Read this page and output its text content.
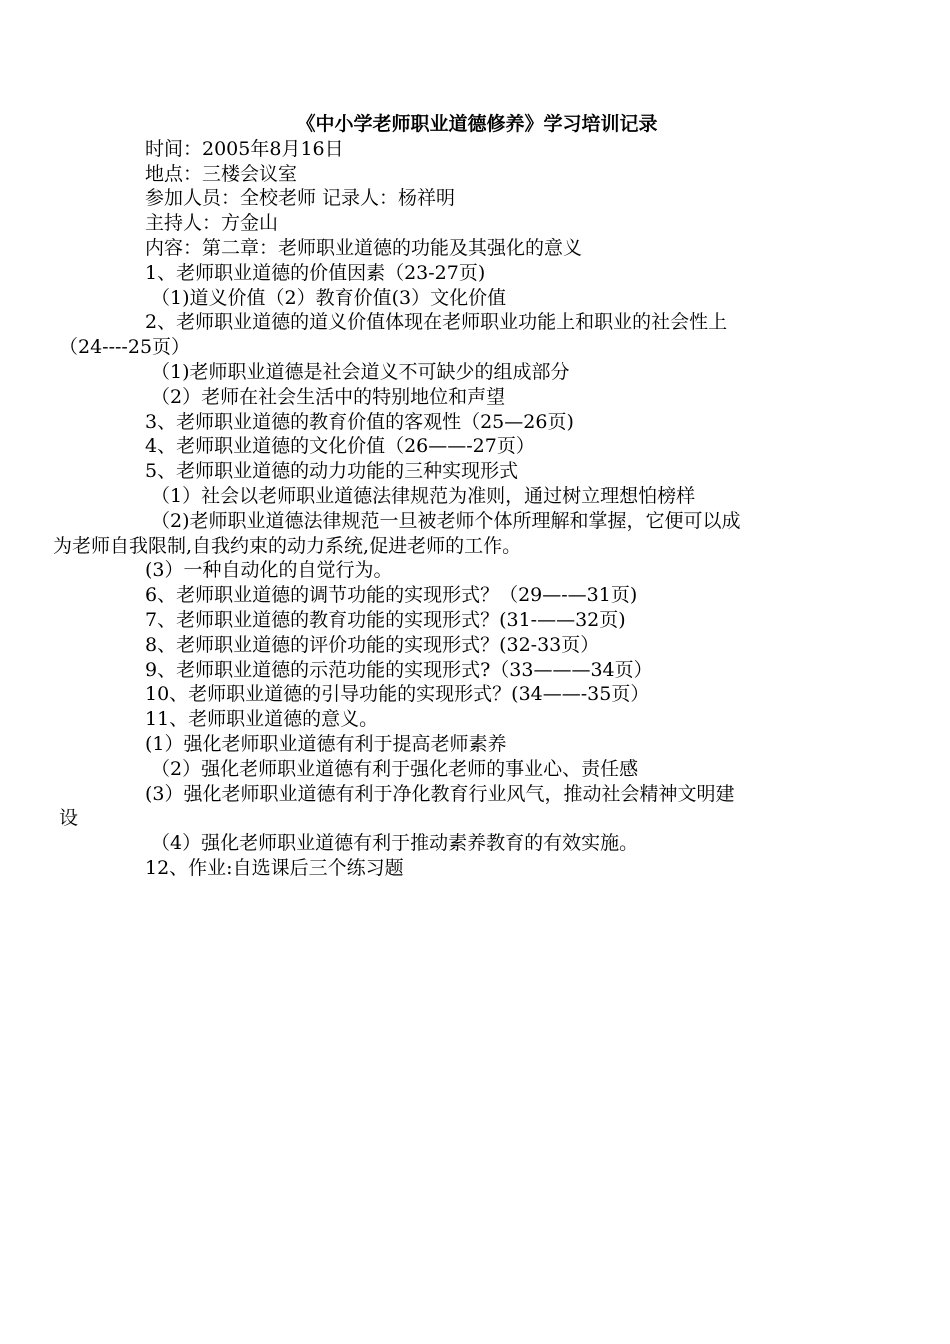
《中小学老师职业道德修养》学习培训记录

时间：2005年8月16日

地点：三楼会议室

参加人员：全校老师 记录人：杨祥明

主持人：方金山

内容：第二章：老师职业道德的功能及其强化的意义

1、老师职业道德的价值因素（23-27页)

（1)道义价值（2）教育价值(3）文化价值

2、老师职业道德的道义价值体现在老师职业功能上和职业的社会性上
（24----25页）

（1)老师职业道德是社会道义不可缺少的组成部分

（2）老师在社会生活中的特别地位和声望

3、老师职业道德的教育价值的客观性（25—26页)

4、老师职业道德的文化价值（26——-27页）

5、老师职业道德的动力功能的三种实现形式

（1）社会以老师职业道德法律规范为准则，通过树立理想怕榜样

（2)老师职业道德法律规范一旦被老师个体所理解和掌握，它便可以成
为老师自我限制,自我约束的动力系统,促进老师的工作。

(3）一种自动化的自觉行为。

6、老师职业道德的调节功能的实现形式？（29—-—31页)

7、老师职业道德的教育功能的实现形式？(31-——32页)

8、老师职业道德的评价功能的实现形式？(32-33页）

9、老师职业道德的示范功能的实现形式?（33———34页）

10、老师职业道德的引导功能的实现形式？(34——-35页）

11、老师职业道德的意义。

(1）强化老师职业道德有利于提高老师素养

（2）强化老师职业道德有利于强化老师的事业心、责任感

(3）强化老师职业道德有利于净化教育行业风气，推动社会精神文明建
设

（4）强化老师职业道德有利于推动素养教育的有效实施。

12、作业:自选课后三个练习题
